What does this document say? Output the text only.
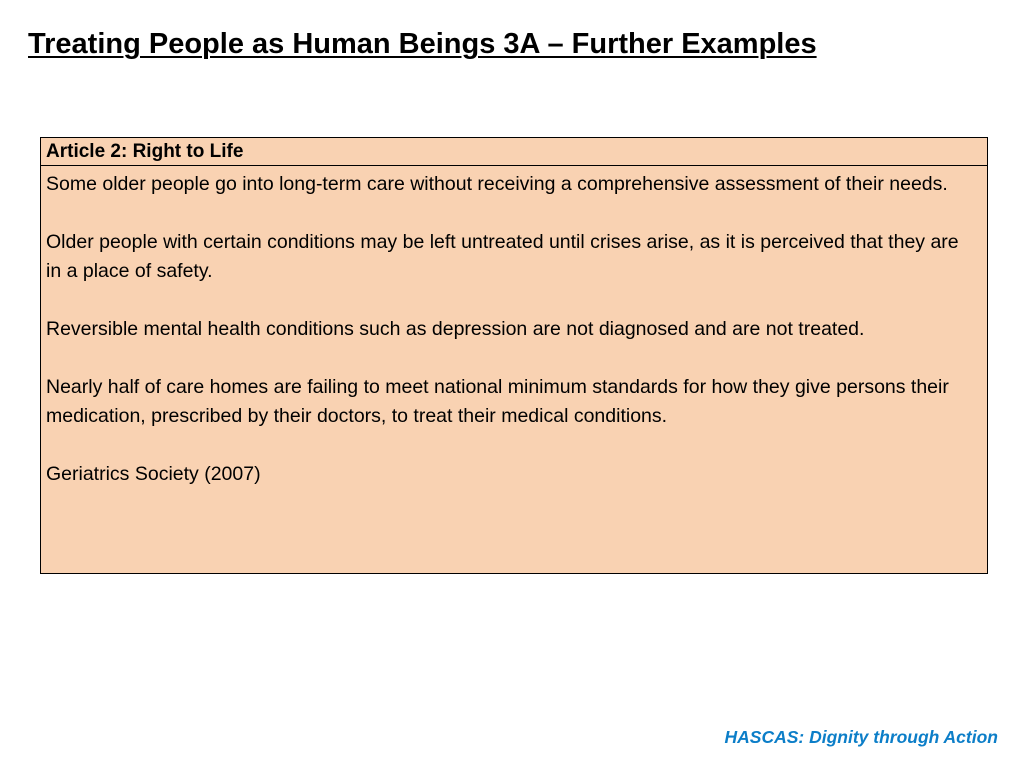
Treating People as Human Beings 3A – Further Examples
Article 2: Right to Life

Some older people go into long-term care without receiving a comprehensive assessment of their needs.

Older people with certain conditions may be left untreated until crises arise, as it is perceived that they are in a place of safety.

Reversible mental health conditions such as depression are not diagnosed and are not treated.

Nearly half of care homes are failing to meet national minimum standards for how they give persons their medication, prescribed by their doctors, to treat their medical conditions.

Geriatrics Society (2007)

HASCAS: Dignity through Action
